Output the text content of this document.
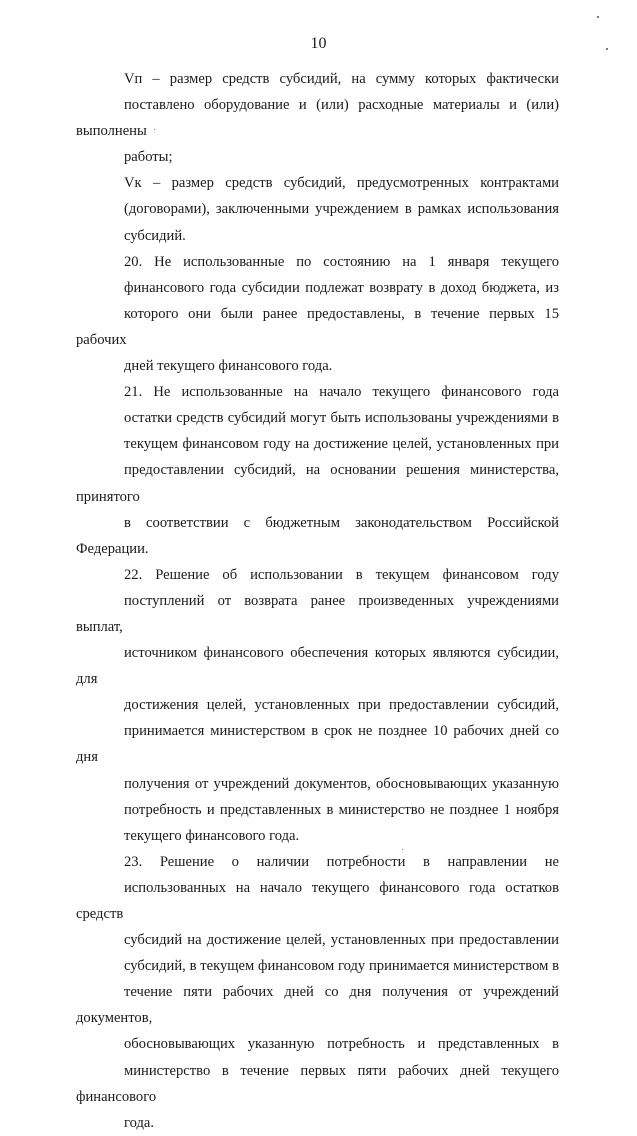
10

Vп – размер средств субсидий, на сумму которых фактически
поставлено оборудование и (или) расходные материалы и (или) выполнены
работы;

Vк – размер средств субсидий, предусмотренных контрактами
(договорами), заключенными учреждением в рамках использования
субсидий.

20. Не использованные по состоянию на 1 января текущего
финансового года субсидии подлежат возврату в доход бюджета, из
которого они были ранее предоставлены, в течение первых 15 рабочих
дней текущего финансового года.

21. Не использованные на начало текущего финансового года
остатки средств субсидий могут быть использованы учреждениями в
текущем финансовом году на достижение целей, установленных при
предоставлении субсидий, на основании решения министерства, принятого
в соответствии с бюджетным законодательством Российской Федерации.

22. Решение об использовании в текущем финансовом году
поступлений от возврата ранее произведенных учреждениями выплат,
источником финансового обеспечения которых являются субсидии, для
достижения целей, установленных при предоставлении субсидий,
принимается министерством в срок не позднее 10 рабочих дней со дня
получения от учреждений документов, обосновывающих указанную
потребность и представленных в министерство не позднее 1 ноября
текущего финансового года.

23. Решение о наличии потребности в направлении не
использованных на начало текущего финансового года остатков средств
субсидий на достижение целей, установленных при предоставлении
субсидий, в текущем финансовом году принимается министерством в
течение пяти рабочих дней со дня получения от учреждений документов,
обосновывающих указанную потребность и представленных в
министерство в течение первых пяти рабочих дней текущего финансового
года.
